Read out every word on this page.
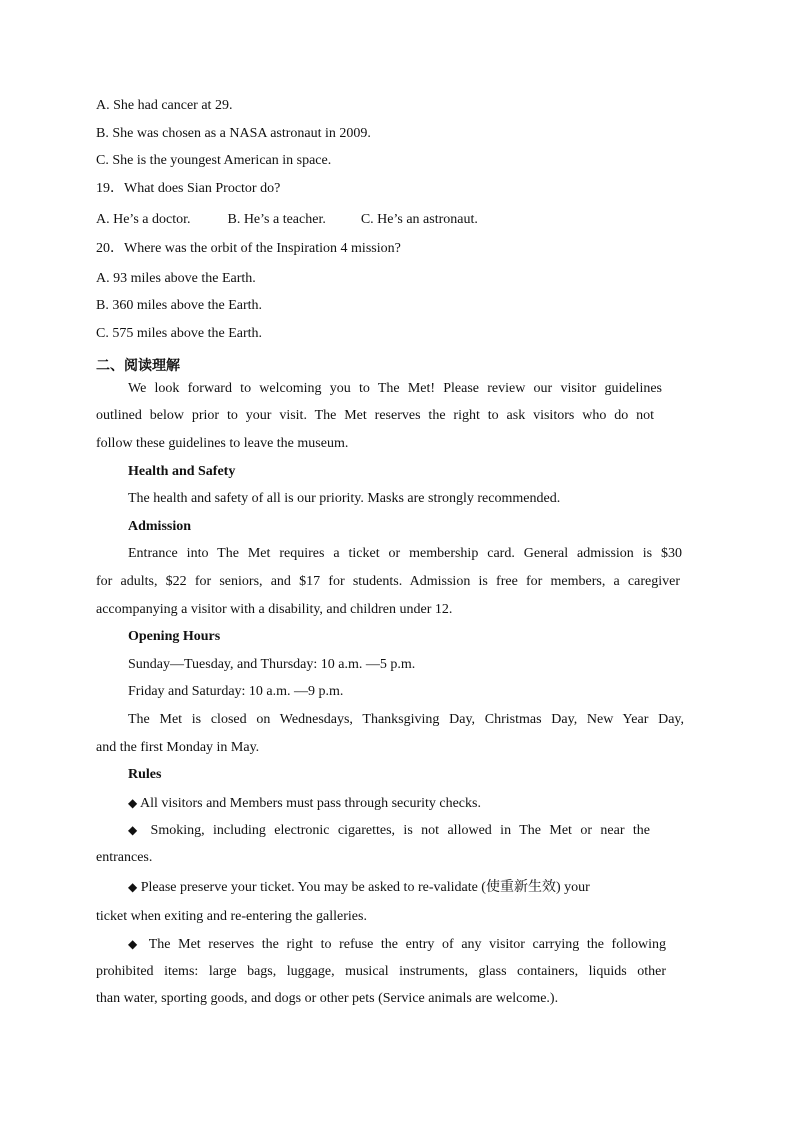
A. She had cancer at 29.
B. She was chosen as a NASA astronaut in 2009.
C. She is the youngest American in space.
19．What does Sian Proctor do?
A. He’s a doctor.	B. He’s a teacher.	C. He’s an astronaut.
20．Where was the orbit of the Inspiration 4 mission?
A. 93 miles above the Earth.
B. 360 miles above the Earth.
C. 575 miles above the Earth.
二、阅读理解
We look forward to welcoming you to The Met! Please review our visitor guidelines
outlined below prior to your visit. The Met reserves the right to ask visitors who do not
follow these guidelines to leave the museum.
Health and Safety
The health and safety of all is our priority. Masks are strongly recommended.
Admission
Entrance into The Met requires a ticket or membership card. General admission is $30
for adults, $22 for seniors, and $17 for students. Admission is free for members, a caregiver
accompanying a visitor with a disability, and children under 12.
Opening Hours
Sunday—Tuesday, and Thursday: 10 a.m. —5 p.m.
Friday and Saturday: 10 a.m. —9 p.m.
The Met is closed on Wednesdays, Thanksgiving Day, Christmas Day, New Year Day,
and the first Monday in May.
Rules
◆ All visitors and Members must pass through security checks.
◆ Smoking, including electronic cigarettes, is not allowed in The Met or near the
entrances.
◆ Please preserve your ticket. You may be asked to re-validate (使重新生效) your
ticket when exiting and re-entering the galleries.
◆ The Met reserves the right to refuse the entry of any visitor carrying the following
prohibited items: large bags, luggage, musical instruments, glass containers, liquids other
than water, sporting goods, and dogs or other pets (Service animals are welcome.).
